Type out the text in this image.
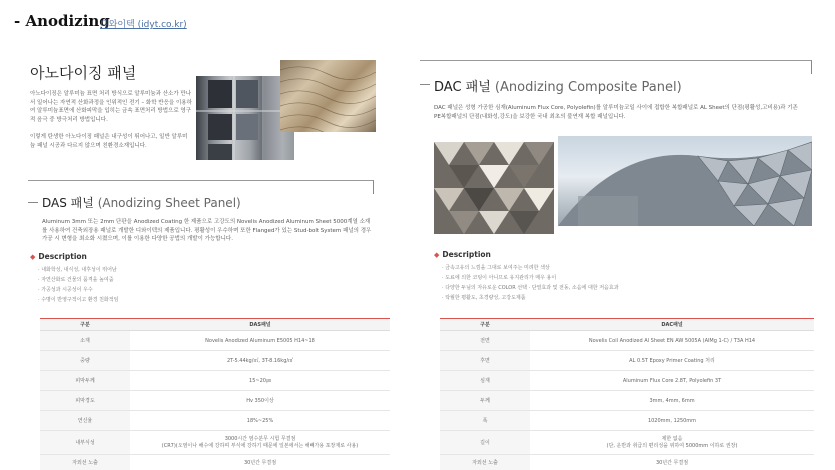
- Anodizing
디와이텍 (idyt.co.kr)
아노다이징 패널
아노다이징은 알루미늄 표면 처리 방식으로 알루미늄과 산소가 만나서 일어나는 자연적 산화과정을 인위적인 전기 – 화학 반응을 이용하여 알루미늄표면에 산화피막을 입히는 금속 표면처리 방법으로 영구적 음극 중 방극처리 방법입니다.
이렇게 탄생한 아노다이징 패널은 내구성이 뛰어나고, 일반 알루미늄 패널 시공과 다르지 않으며 친환경소재입니다.
DAS 패널 (Anodizing Sheet Panel)
Aluminum 3mm 또는 2mm 단판을 Anodized Coating 한 제품으로 고강도의 Novelis Anodized Aluminum Sheet 5000계열 소재를 사용하여 건축외장용 패널로 개발한 디와이텍의 제품입니다. 평활성이 우수하며 또한 Flanged가 있는 Stud-bolt System 패널의 경우 가공 시 변형을 최소화 시켰으며, 이를 이용한 다양한 공법의 개발이 가능합니다.
◆ Description
· 내화학성, 내식성, 내후성이 뛰어남
· 자연산화로 건물의 품격을 높여줌
· 가공성과 시공성이 우수
· 수명이 반영구적이고 환경 친화적임
구분	DAS패널
소재	Novelis Anodized Aluminum E5005 H14~18
중량	2T-5.44kg/㎡, 3T-8.16kg/㎡
피막두께	15~20㎛
피막경도	Hv 350이상
연신율	18%~25%
내부식성	3000시간 염수분무 시험 무결점
(CR7)(오염이나 해수에 강하며 부식에 강하기 때문에 일본에서는 해빼가용 포장재로 사용)
자외선 노출	30년간 무결점
DAC 패널 (Anodizing Composite Panel)
DAC 패널은 성형 가공한 심재(Aluminum Flux Core, Polyolefin)를 알루미늄코일 사이에 접합한 복합패널로 AL Sheet의 단점(평활성,고비용)과 기존 PE복합패널의 단점(내화성,강도)을 보강한 국내 최초의 불연재 복합 패널입니다.
◆ Description
· 금속고유의 느낌을 그대로 보여주는 미려한 색상
· 도료에 의한 코팅이 아니므로 유지관리가 매우 용이
· 다양한 두님의 자유로운 COLOR 선택 · 단열효과 및 전동, 소음에 대한 저음효과
· 탁월한 평활도, 초경량성, 고강도제품
구분	DAC패널
전면	Novelis Coil Anodized Al Sheet EN AW 5005A (AlMg 1-C) / T3A H14
후면	AL 0.5T Epoxy Primer Coating 처리
심재	Aluminum Flux Core 2.8T, Polyolefin 3T
두께	3mm, 4mm, 6mm
폭	1020mm, 1250mm
길이	제한 없음
(단, 운반과 취급의 편리성을 위하여 5000mm 이하로 권장)
자외선 노출	30년간 무결점
